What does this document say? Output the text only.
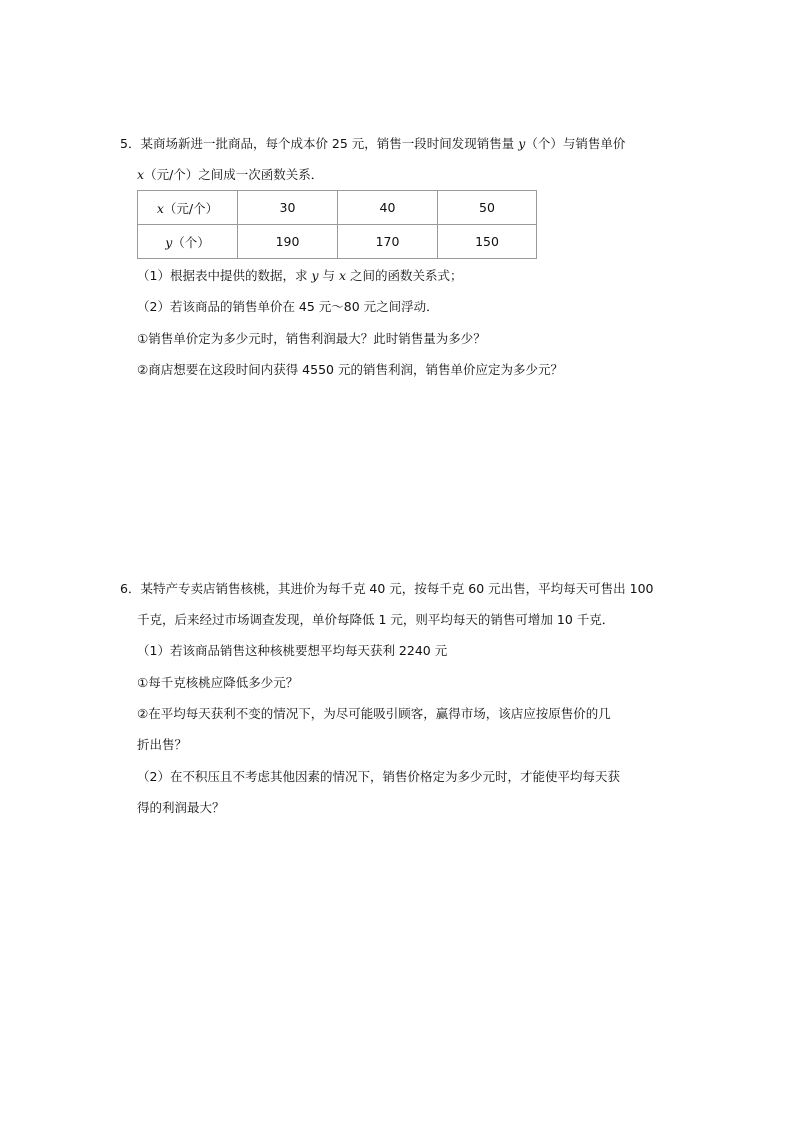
5．某商场新进一批商品，每个成本价 25 元，销售一段时间发现销售量 y（个）与销售单价
x（元/个）之间成一次函数关系．
x（元/个）	30	40	50
y（个）	190	170	150
（1）根据表中提供的数据，求 y 与 x 之间的函数关系式；
（2）若该商品的销售单价在 45 元～80 元之间浮动．
①销售单价定为多少元时，销售利润最大？此时销售量为多少？
②商店想要在这段时间内获得 4550 元的销售利润，销售单价应定为多少元？
6．某特产专卖店销售核桃，其进价为每千克 40 元，按每千克 60 元出售，平均每天可售出 100
千克，后来经过市场调查发现，单价每降低 1 元，则平均每天的销售可增加 10 千克．
（1）若该商品销售这种核桃要想平均每天获利 2240 元
①每千克核桃应降低多少元？
②在平均每天获利不变的情况下，为尽可能吸引顾客，赢得市场，该店应按原售价的几
折出售？
（2）在不积压且不考虑其他因素的情况下，销售价格定为多少元时，才能使平均每天获
得的利润最大？
